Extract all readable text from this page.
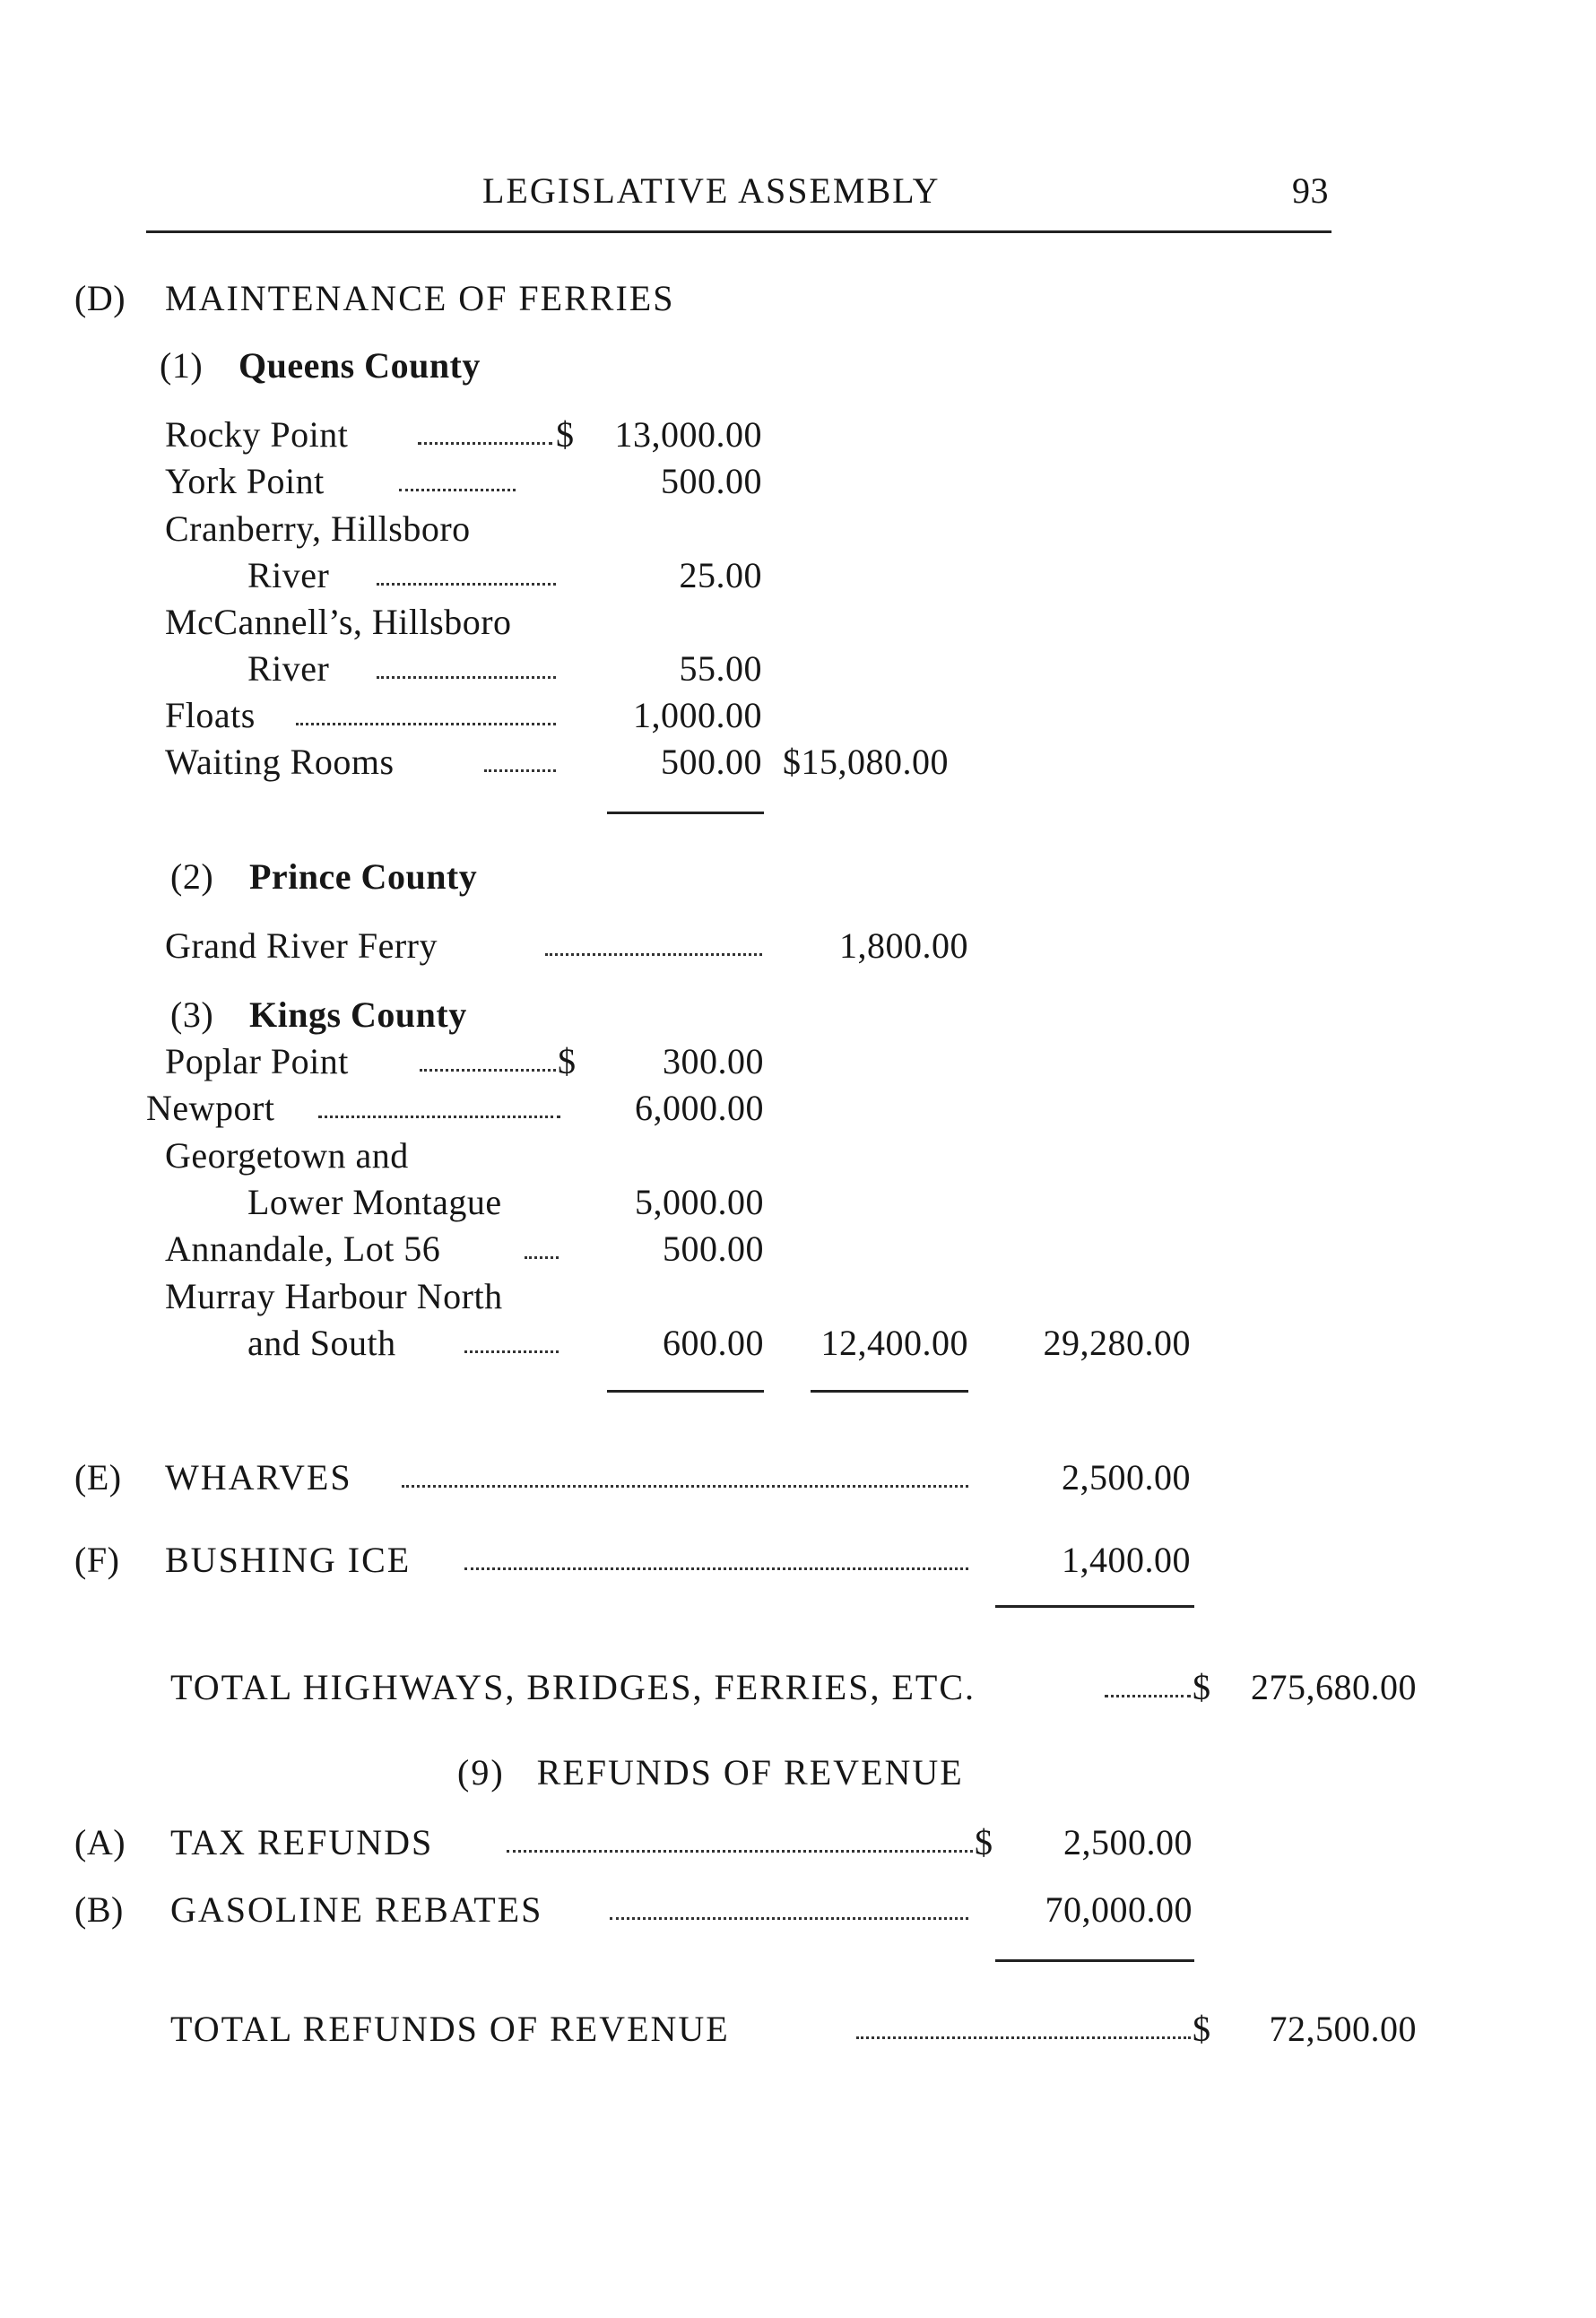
LEGISLATIVE ASSEMBLY	93
(D) MAINTENANCE OF FERRIES
(1) Queens County
Rocky Point	$	13,000.00
York Point	500.00
Cranberry, Hillsboro
River	25.00
McCannell’s, Hillsboro
River	55.00
Floats	1,000.00
Waiting Rooms	500.00 $15,080.00
(2) Prince County
Grand River Ferry	1,800.00
(3) Kings County
Poplar Point	$	300.00
Newport	6,000.00
Georgetown and
Lower Montague	5,000.00
Annandale, Lot 56	500.00
Murray Harbour North
and South	600.00	12,400.00	29,280.00
(E) WHARVES	2,500.00
(F) BUSHING ICE	1,400.00
TOTAL HIGHWAYS, BRIDGES, FERRIES, ETC.	$	275,680.00
(9)   REFUNDS OF REVENUE
(A) TAX REFUNDS	$	2,500.00
(B) GASOLINE REBATES	70,000.00
TOTAL REFUNDS OF REVENUE	$	72,500.00
